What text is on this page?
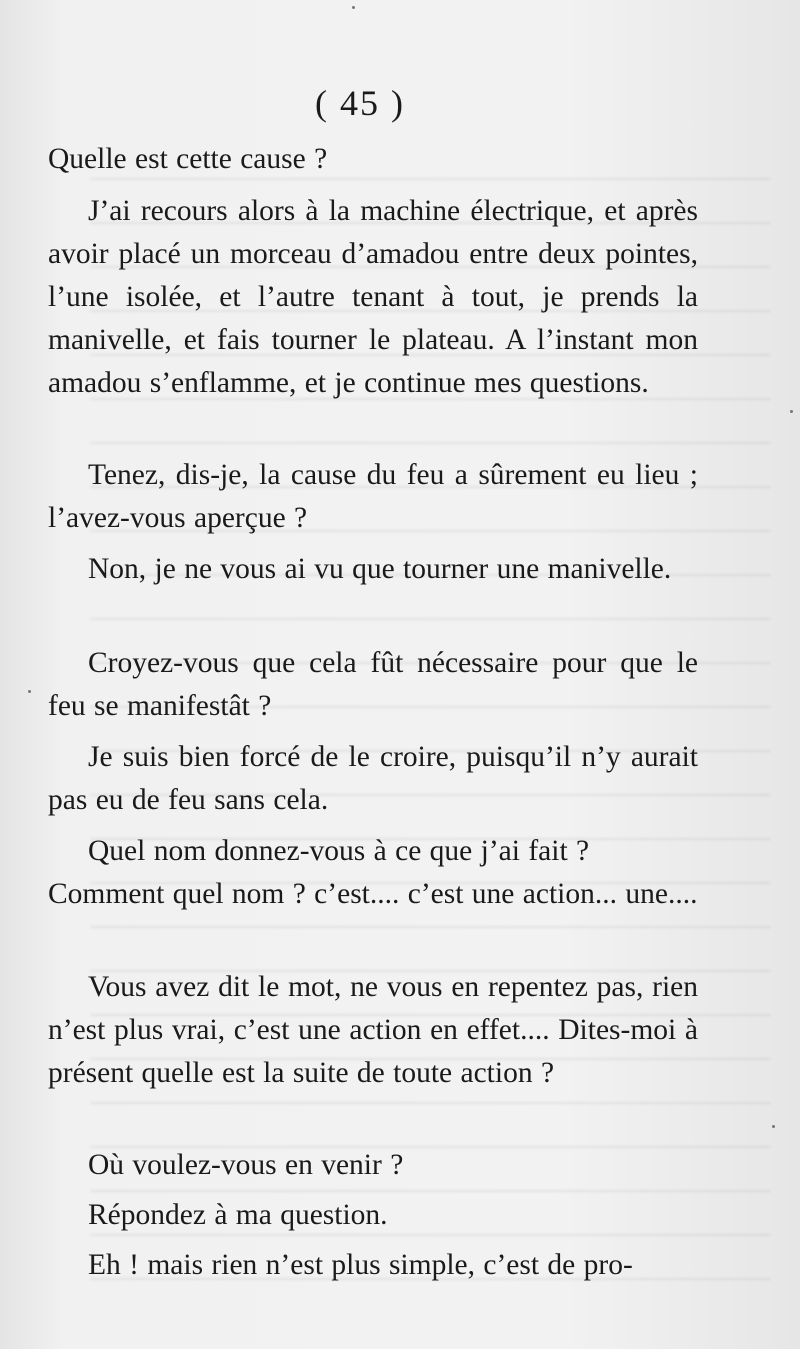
( 45 )

Quelle est cette cause ?

J’ai recours alors à la machine électrique, et après avoir placé un morceau d’amadou entre deux pointes, l’une isolée, et l’autre tenant à tout, je prends la manivelle, et fais tourner le plateau. A l’instant mon amadou s’enflamme, et je continue mes questions.

Tenez, dis-je, la cause du feu a sûrement eu lieu ; l’avez-vous aperçue ?

Non, je ne vous ai vu que tourner une manivelle.

Croyez-vous que cela fût nécessaire pour que le feu se manifestât ?

Je suis bien forcé de le croire, puisqu’il n’y aurait pas eu de feu sans cela.

Quel nom donnez-vous à ce que j’ai fait ?

Comment quel nom ? c’est.... c’est une action... une....

Vous avez dit le mot, ne vous en repentez pas, rien n’est plus vrai, c’est une action en effet.... Dites-moi à présent quelle est la suite de toute action ?

Où voulez-vous en venir ?

Répondez à ma question.

Eh ! mais rien n’est plus simple, c’est de pro-
